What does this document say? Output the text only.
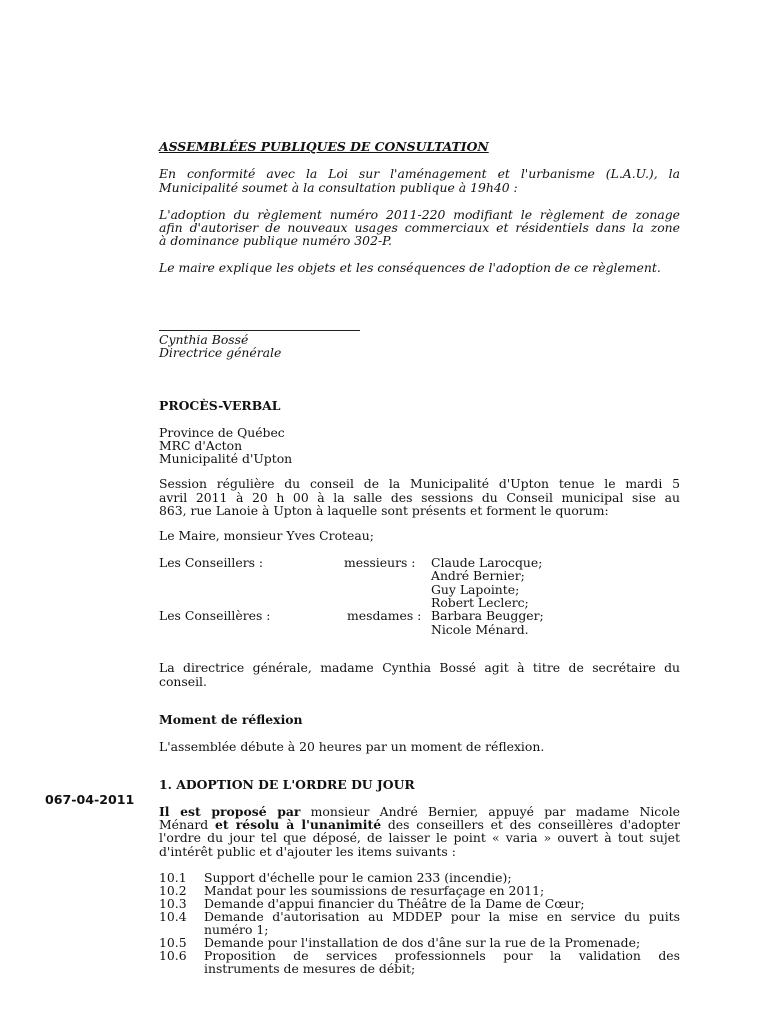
ASSEMBLÉES PUBLIQUES DE CONSULTATION

En conformité avec la Loi sur l'aménagement et l'urbanisme (L.A.U.), la

Municipalité soumet à la consultation publique à 19h40 :

L'adoption du règlement numéro 2011-220 modifiant le règlement de zonage

afin d'autoriser de nouveaux usages commerciaux et résidentiels dans la zone

à dominance publique numéro 302-P.

Le maire explique les objets et les conséquences de l'adoption de ce règlement.

Cynthia Bossé

Directrice générale

PROCÈS-VERBAL

Province de Québec

MRC d'Acton

Municipalité d'Upton

Session régulière du conseil de la Municipalité d'Upton tenue le mardi 5

avril 2011 à 20 h 00 à la salle des sessions du Conseil municipal sise au

863, rue Lanoie à Upton à laquelle sont présents et forment le quorum:

Le Maire, monsieur Yves Croteau;

Les Conseillers :	messieurs : Claude Larocque;

André Bernier;

Guy Lapointe;

Robert Leclerc;

Les Conseillères :	mesdames : Barbara Beugger;

Nicole Ménard.

La directrice générale, madame Cynthia Bossé agit à titre de secrétaire du

conseil.

Moment de réflexion

L'assemblée débute à 20 heures par un moment de réflexion.

1. ADOPTION DE L'ORDRE DU JOUR

067-04-2011

Il est proposé par monsieur André Bernier, appuyé par madame Nicole

Ménard et résolu à l'unanimité des conseillers et des conseillères d'adopter

l'ordre du jour tel que déposé, de laisser le point « varia » ouvert à tout sujet

d'intérêt public et d'ajouter les items suivants :

10.1 Support d'échelle pour le camion 233 (incendie);

10.2 Mandat pour les soumissions de resurfaçage en 2011;

10.3 Demande d'appui financier du Théâtre de la Dame de Cœur;

10.4 Demande d'autorisation au MDDEP pour la mise en service du puits

numéro 1;

10.5 Demande pour l'installation de dos d'âne sur la rue de la Promenade;

10.6 Proposition de services professionnels pour la validation des

instruments de mesures de débit;
